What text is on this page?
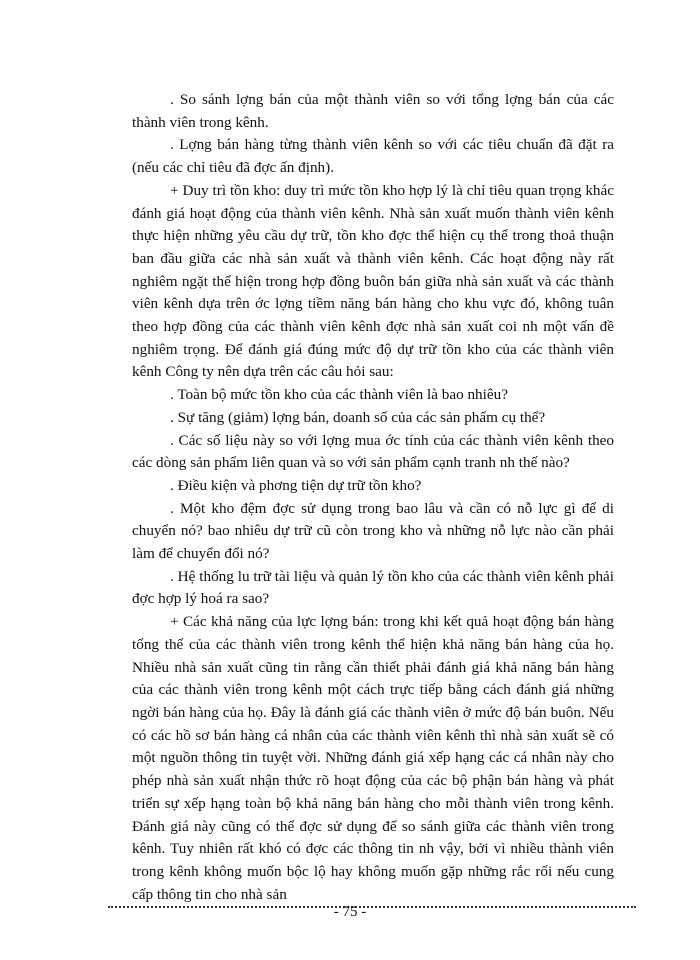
. So sánh lợng bán của một thành viên so với tổng lợng bán của các thành viên trong kênh.

. Lợng bán hàng từng thành viên kênh so với các tiêu chuẩn đã đặt ra (nếu các chỉ tiêu đã đợc ấn định).

+ Duy trì tồn kho: duy trì mức tồn kho hợp lý là chỉ tiêu quan trọng khác đánh giá hoạt động của thành viên kênh. Nhà sản xuất muốn thành viên kênh thực hiện những yêu cầu dự trữ, tồn kho đợc thể hiện cụ thể trong thoả thuận ban đầu giữa các nhà sản xuất và thành viên kênh. Các hoạt động này rất nghiêm ngặt thể hiện trong hợp đồng buôn bán giữa nhà sản xuất và các thành viên kênh dựa trên ớc lợng tiềm năng bán hàng cho khu vực đó, không tuân theo hợp đồng của các thành viên kênh đợc nhà sản xuất coi nh một vấn đề nghiêm trọng. Để đánh giá đúng mức độ dự trữ tồn kho của các thành viên kênh Công ty nên dựa trên các câu hỏi sau:

. Toàn bộ mức tồn kho của các thành viên là bao nhiêu?

. Sự tăng (giảm) lợng bán, doanh số của các sản phẩm cụ thể?

. Các số liệu này so với lợng mua ớc tính của các thành viên kênh theo các dòng sản phẩm liên quan và so với sản phẩm cạnh tranh nh thế nào?

. Điều kiện và phơng tiện dự trữ tồn kho?

. Một kho đệm đợc sử dụng trong bao lâu và cần có nỗ lực gì để di chuyển nó? bao nhiêu dự trữ cũ còn trong kho và những nỗ lực nào cần phải làm để chuyển đổi nó?

. Hệ thống lu trữ tài liệu và quản lý tồn kho của các thành viên kênh phải đợc hợp lý hoá ra sao?

+ Các khả năng của lực lợng bán: trong khi kết quả hoạt động bán hàng tổng thể của các thành viên trong kênh thể hiện khả năng bán hàng của họ. Nhiều nhà sản xuất cũng tin rằng cần thiết phải đánh giá khả năng bán hàng của các thành viên trong kênh một cách trực tiếp bằng cách đánh giá những ngời bán hàng của họ. Đây là đánh giá các thành viên ở mức độ bán buôn. Nếu có các hồ sơ bán hàng cá nhân của các thành viên kênh thì nhà sản xuất sẽ có một nguồn thông tin tuyệt vời. Những đánh giá xếp hạng các cá nhân này cho phép nhà sản xuất nhận thức rõ hoạt động của các bộ phận bán hàng và phát triển sự xếp hạng toàn bộ khả năng bán hàng cho mỗi thành viên trong kênh. Đánh giá này cũng có thể đợc sử dụng để so sánh giữa các thành viên trong kênh. Tuy nhiên rất khó có đợc các thông tin nh vậy, bởi vì nhiều thành viên trong kênh không muốn bộc lộ hay không muốn gặp những rắc rối nếu cung cấp thông tin cho nhà sản

- 75 -
